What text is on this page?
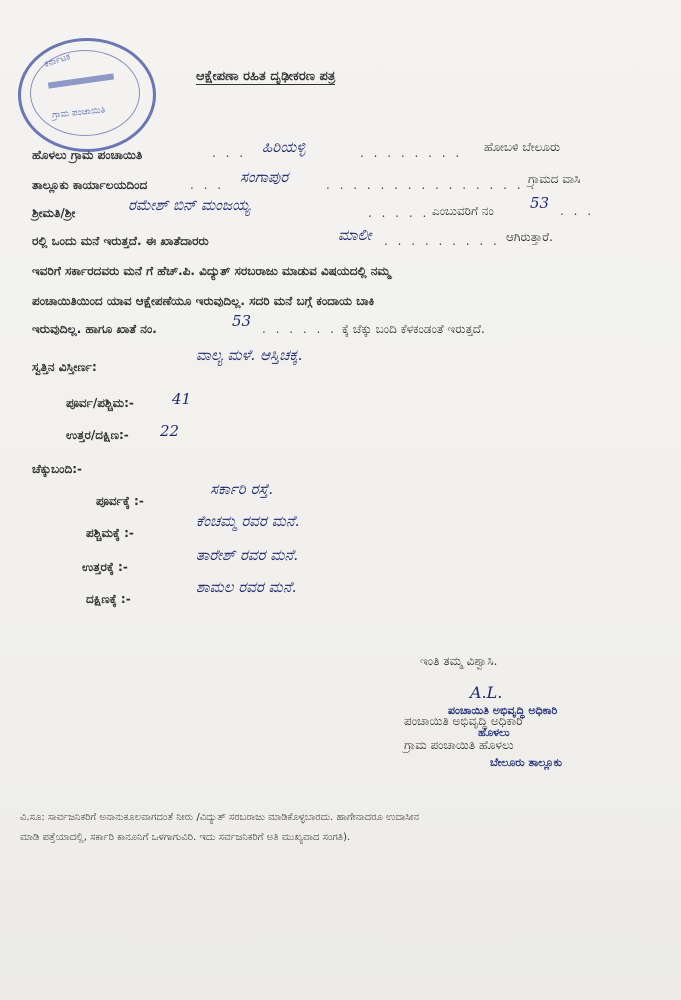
ಕರ್ನಾಟಕ
ಗ್ರಾಮ ಪಂಚಾಯಿತಿ
ಆಕ್ಷೇಪಣಾ ರಹಿತ ದೃಢೀಕರಣ ಪತ್ರ
ಹೊಳಲು ಗ್ರಾಮ ಪಂಚಾಯಿತಿ	. . . ಹಿರಿಯಳ್ಳಿ	. . . . . . . . ಹೋಬಳಿ ಬೇಲೂರು
ತಾಲ್ಲೂಕು ಕಾರ್ಯಾಲಯದಿಂದ	. . . ಸಂಗಾಪುರ	. . . . . . . . . . . . . . . .
ಗ್ರಾಮದ ವಾಸಿ
ಶ್ರೀಮತಿ/ಶ್ರೀ	ರಮೇಶ್ ಬಿನ್ ಮಂಜಯ್ಯ	. . . . . ಎಂಬುವರಿಗೆ ನಂ 53 . . .
ರಲ್ಲಿ ಒಂದು ಮನೆ ಇರುತ್ತದೆ. ಈ ಖಾತೆದಾರರು	ಮಾಲೀ . . . . . . . . . ಆಗಿರುತ್ತಾರೆ.
ಇವರಿಗೆ ಸರ್ಕಾರದವರು ಮನೆ ಗೆ ಹೆಚ್.ಪಿ. ವಿದ್ಯುತ್ ಸರಬರಾಜು ಮಾಡುವ ವಿಷಯದಲ್ಲಿ ನಮ್ಮ
ಪಂಚಾಯಿತಿಯಿಂದ ಯಾವ ಆಕ್ಷೇಪಣೆಯೂ ಇರುವುದಿಲ್ಲ. ಸದರಿ ಮನೆ ಬಗ್ಗೆ ಕಂದಾಯ ಬಾಕಿ
ಇರುವುದಿಲ್ಲ. ಹಾಗೂ ಖಾತೆ ನಂ.	53 . . . . . . .
ಕ್ಕೆ ಚೆಕ್ಕು ಬಂದಿ ಕೆಳಕಂಡಂತೆ ಇರುತ್ತದೆ.
ಸ್ವತ್ತಿನ ವಿಸ್ತೀರ್ಣ:
ವಾಲ್ಯ ಮಳೆ. ಆಸ್ತಿಚಕ್ಕ.
ಪೂರ್ವ/ಪಶ್ಚಿಮ:-	41
ಉತ್ತರ/ದಕ್ಷಿಣ:- 22
ಚೆಕ್ಕುಬಂದಿ:-
ಪೂರ್ವಕ್ಕೆ :-
ಸರ್ಕಾರಿ ರಸ್ತೆ.
ಪಶ್ಚಿಮಕ್ಕೆ :-
ಕೆಂಚಮ್ಮ ರವರ ಮನೆ.
ಉತ್ತರಕ್ಕೆ :-
ತಾರೇಶ್ ರವರ ಮನೆ.
ದಕ್ಷಿಣಕ್ಕೆ :-
ಶಾಮಲ ರವರ ಮನೆ.
ಇಂತಿ ತಮ್ಮ ವಿಶ್ವಾಸಿ.
A.L.
ಪಂಚಾಯಿತಿ ಅಭಿವೃದ್ಧಿ ಅಧಿಕಾರಿ
ಗ್ರಾಮ ಪಂಚಾಯಿತಿ ಹೊಳಲು
ಪಂಚಾಯಿತಿ ಅಭಿವೃದ್ಧಿ ಅಧಿಕಾರಿ
ಹೊಳಲು
ಬೇಲೂರು ತಾಲ್ಲೂಕು
ವಿ.ಸೂ: ಸಾರ್ವಜನಿಕರಿಗೆ ಅನಾನುಕೂಲವಾಗದಂತೆ ನೀರು /ವಿದ್ಯುತ್ ಸರಬರಾಜು ಮಾಡಿಕೊಳ್ಳಬಾರದು. ಹಾಗೇನಾದರೂ ಉದಾಸೀನ
ಮಾಡಿ ಪತ್ತೆಯಾದಲ್ಲಿ, ಸರ್ಕಾರಿ ಕಾನೂನಿಗೆ ಒಳಗಾಗುವಿರಿ. ಇದು ಸರ್ವಜನಿಕರಿಗೆ ಅತಿ ಮುಖ್ಯವಾದ ಸಂಗತಿ).
